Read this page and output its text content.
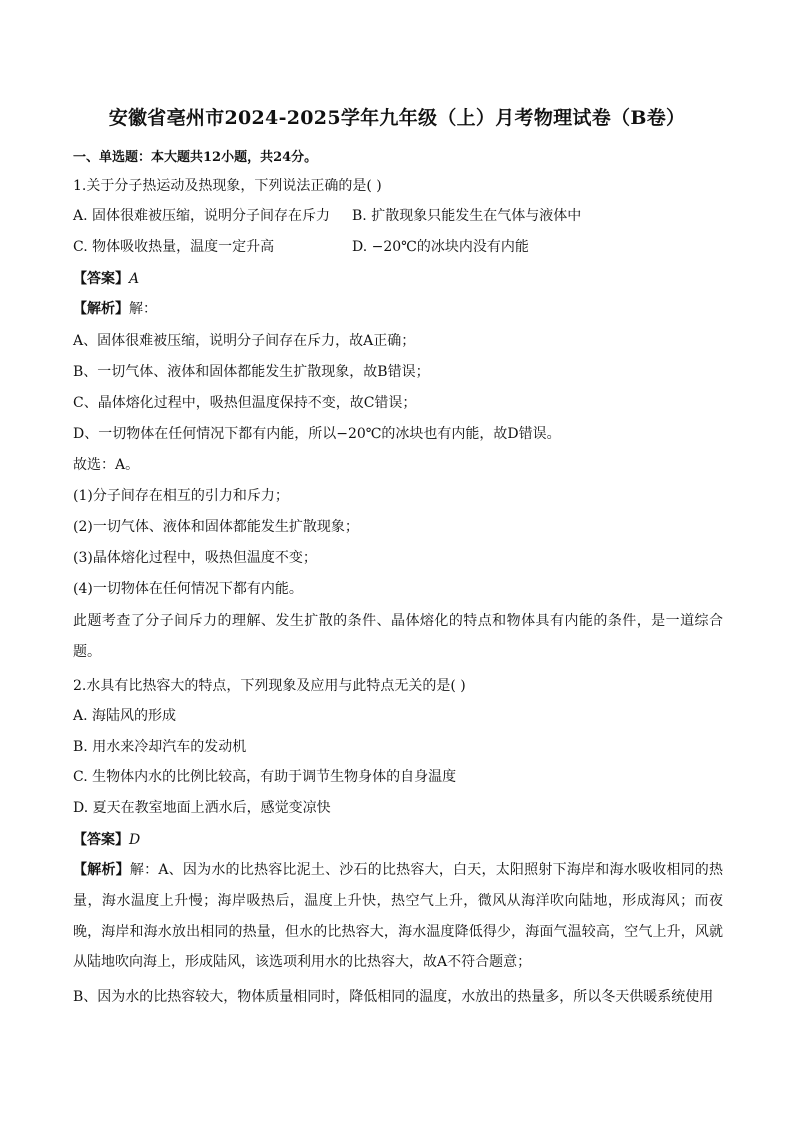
安徽省亳州市2024-2025学年九年级（上）月考物理试卷（B卷）
一、单选题：本大题共12小题，共24分。
1.关于分子热运动及热现象，下列说法正确的是( )
A. 固体很难被压缩，说明分子间存在斥力 B. 扩散现象只能发生在气体与液体中
C. 物体吸收热量，温度一定升高	D. −20℃的冰块内没有内能
【答案】A
【解析】解：
A、固体很难被压缩，说明分子间存在斥力，故A正确；
B、一切气体、液体和固体都能发生扩散现象，故B错误；
C、晶体熔化过程中，吸热但温度保持不变，故C错误；
D、一切物体在任何情况下都有内能，所以−20℃的冰块也有内能，故D错误。
故选：A。
(1)分子间存在相互的引力和斥力；
(2)一切气体、液体和固体都能发生扩散现象；
(3)晶体熔化过程中，吸热但温度不变；
(4)一切物体在任何情况下都有内能。
此题考查了分子间斥力的理解、发生扩散的条件、晶体熔化的特点和物体具有内能的条件，是一道综合题。
2.水具有比热容大的特点，下列现象及应用与此特点无关的是( )
A. 海陆风的形成
B. 用水来冷却汽车的发动机
C. 生物体内水的比例比较高，有助于调节生物身体的自身温度
D. 夏天在教室地面上洒水后，感觉变凉快
【答案】D
【解析】解：A、因为水的比热容比泥土、沙石的比热容大，白天，太阳照射下海岸和海水吸收相同的热量，海水温度上升慢；海岸吸热后，温度上升快，热空气上升，微风从海洋吹向陆地，形成海风；而夜晚，海岸和海水放出相同的热量，但水的比热容大，海水温度降低得少，海面气温较高，空气上升，风就从陆地吹向海上，形成陆风，该选项利用水的比热容大，故A不符合题意；
B、因为水的比热容较大，物体质量相同时，降低相同的温度，水放出的热量多，所以冬天供暖系统使用
